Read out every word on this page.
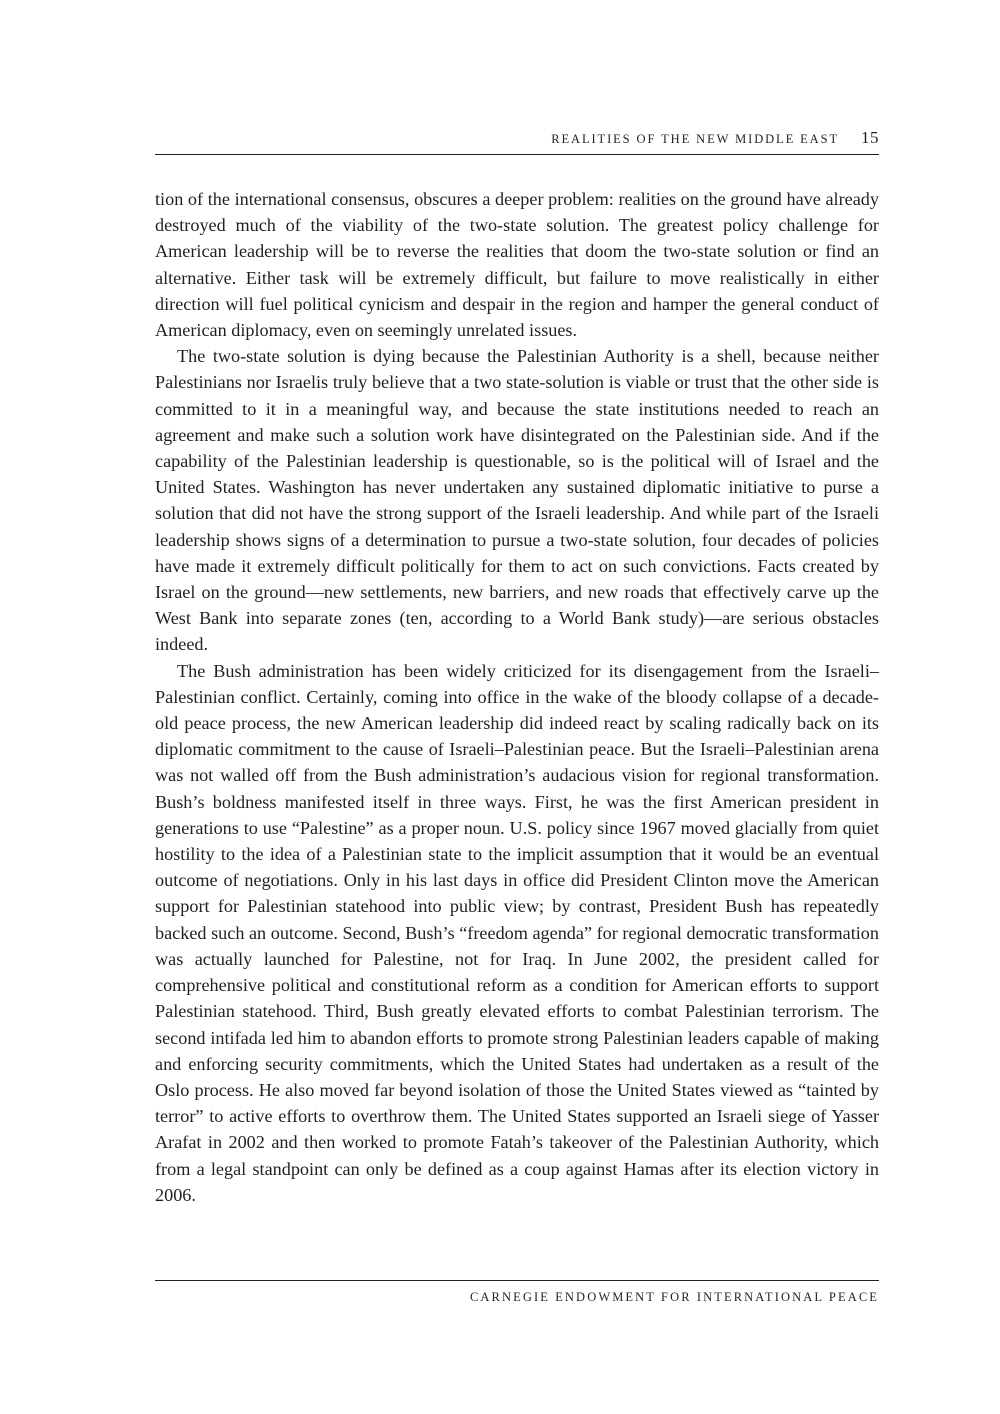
REALITIES OF THE NEW MIDDLE EAST 15

tion of the international consensus, obscures a deeper problem: realities on the ground have already destroyed much of the viability of the two-state solution. The greatest policy challenge for American leadership will be to reverse the realities that doom the two-state solution or find an alternative. Either task will be extremely difficult, but failure to move realistically in either direction will fuel political cynicism and despair in the region and hamper the general conduct of American diplomacy, even on seemingly unrelated issues.

The two-state solution is dying because the Palestinian Authority is a shell, because neither Palestinians nor Israelis truly believe that a two state-solution is viable or trust that the other side is committed to it in a meaningful way, and because the state institutions needed to reach an agreement and make such a solution work have disintegrated on the Palestinian side. And if the capability of the Palestinian leadership is questionable, so is the political will of Israel and the United States. Washington has never undertaken any sustained diplomatic initiative to purse a solution that did not have the strong support of the Israeli leadership. And while part of the Israeli leadership shows signs of a determination to pursue a two-state solution, four decades of policies have made it extremely difficult politically for them to act on such convictions. Facts created by Israel on the ground—new settlements, new barriers, and new roads that effectively carve up the West Bank into separate zones (ten, according to a World Bank study)—are serious obstacles indeed.

The Bush administration has been widely criticized for its disengagement from the Israeli–Palestinian conflict. Certainly, coming into office in the wake of the bloody collapse of a decade-old peace process, the new American leadership did indeed react by scaling radically back on its diplomatic commitment to the cause of Israeli–Palestinian peace. But the Israeli–Palestinian arena was not walled off from the Bush administration’s audacious vision for regional transformation. Bush’s boldness manifested itself in three ways. First, he was the first American president in generations to use “Palestine” as a proper noun. U.S. policy since 1967 moved glacially from quiet hostility to the idea of a Palestinian state to the implicit assumption that it would be an eventual outcome of negotiations. Only in his last days in office did President Clinton move the American support for Palestinian statehood into public view; by contrast, President Bush has repeatedly backed such an outcome. Second, Bush’s “freedom agenda” for regional democratic transformation was actually launched for Palestine, not for Iraq. In June 2002, the president called for comprehensive political and constitutional reform as a condition for American efforts to support Palestinian statehood. Third, Bush greatly elevated efforts to combat Palestinian terrorism. The second intifada led him to abandon efforts to promote strong Palestinian leaders capable of making and enforcing security commitments, which the United States had undertaken as a result of the Oslo process. He also moved far beyond isolation of those the United States viewed as “tainted by terror” to active efforts to overthrow them. The United States supported an Israeli siege of Yasser Arafat in 2002 and then worked to promote Fatah’s takeover of the Palestinian Authority, which from a legal standpoint can only be defined as a coup against Hamas after its election victory in 2006.

CARNEGIE ENDOWMENT FOR INTERNATIONAL PEACE
